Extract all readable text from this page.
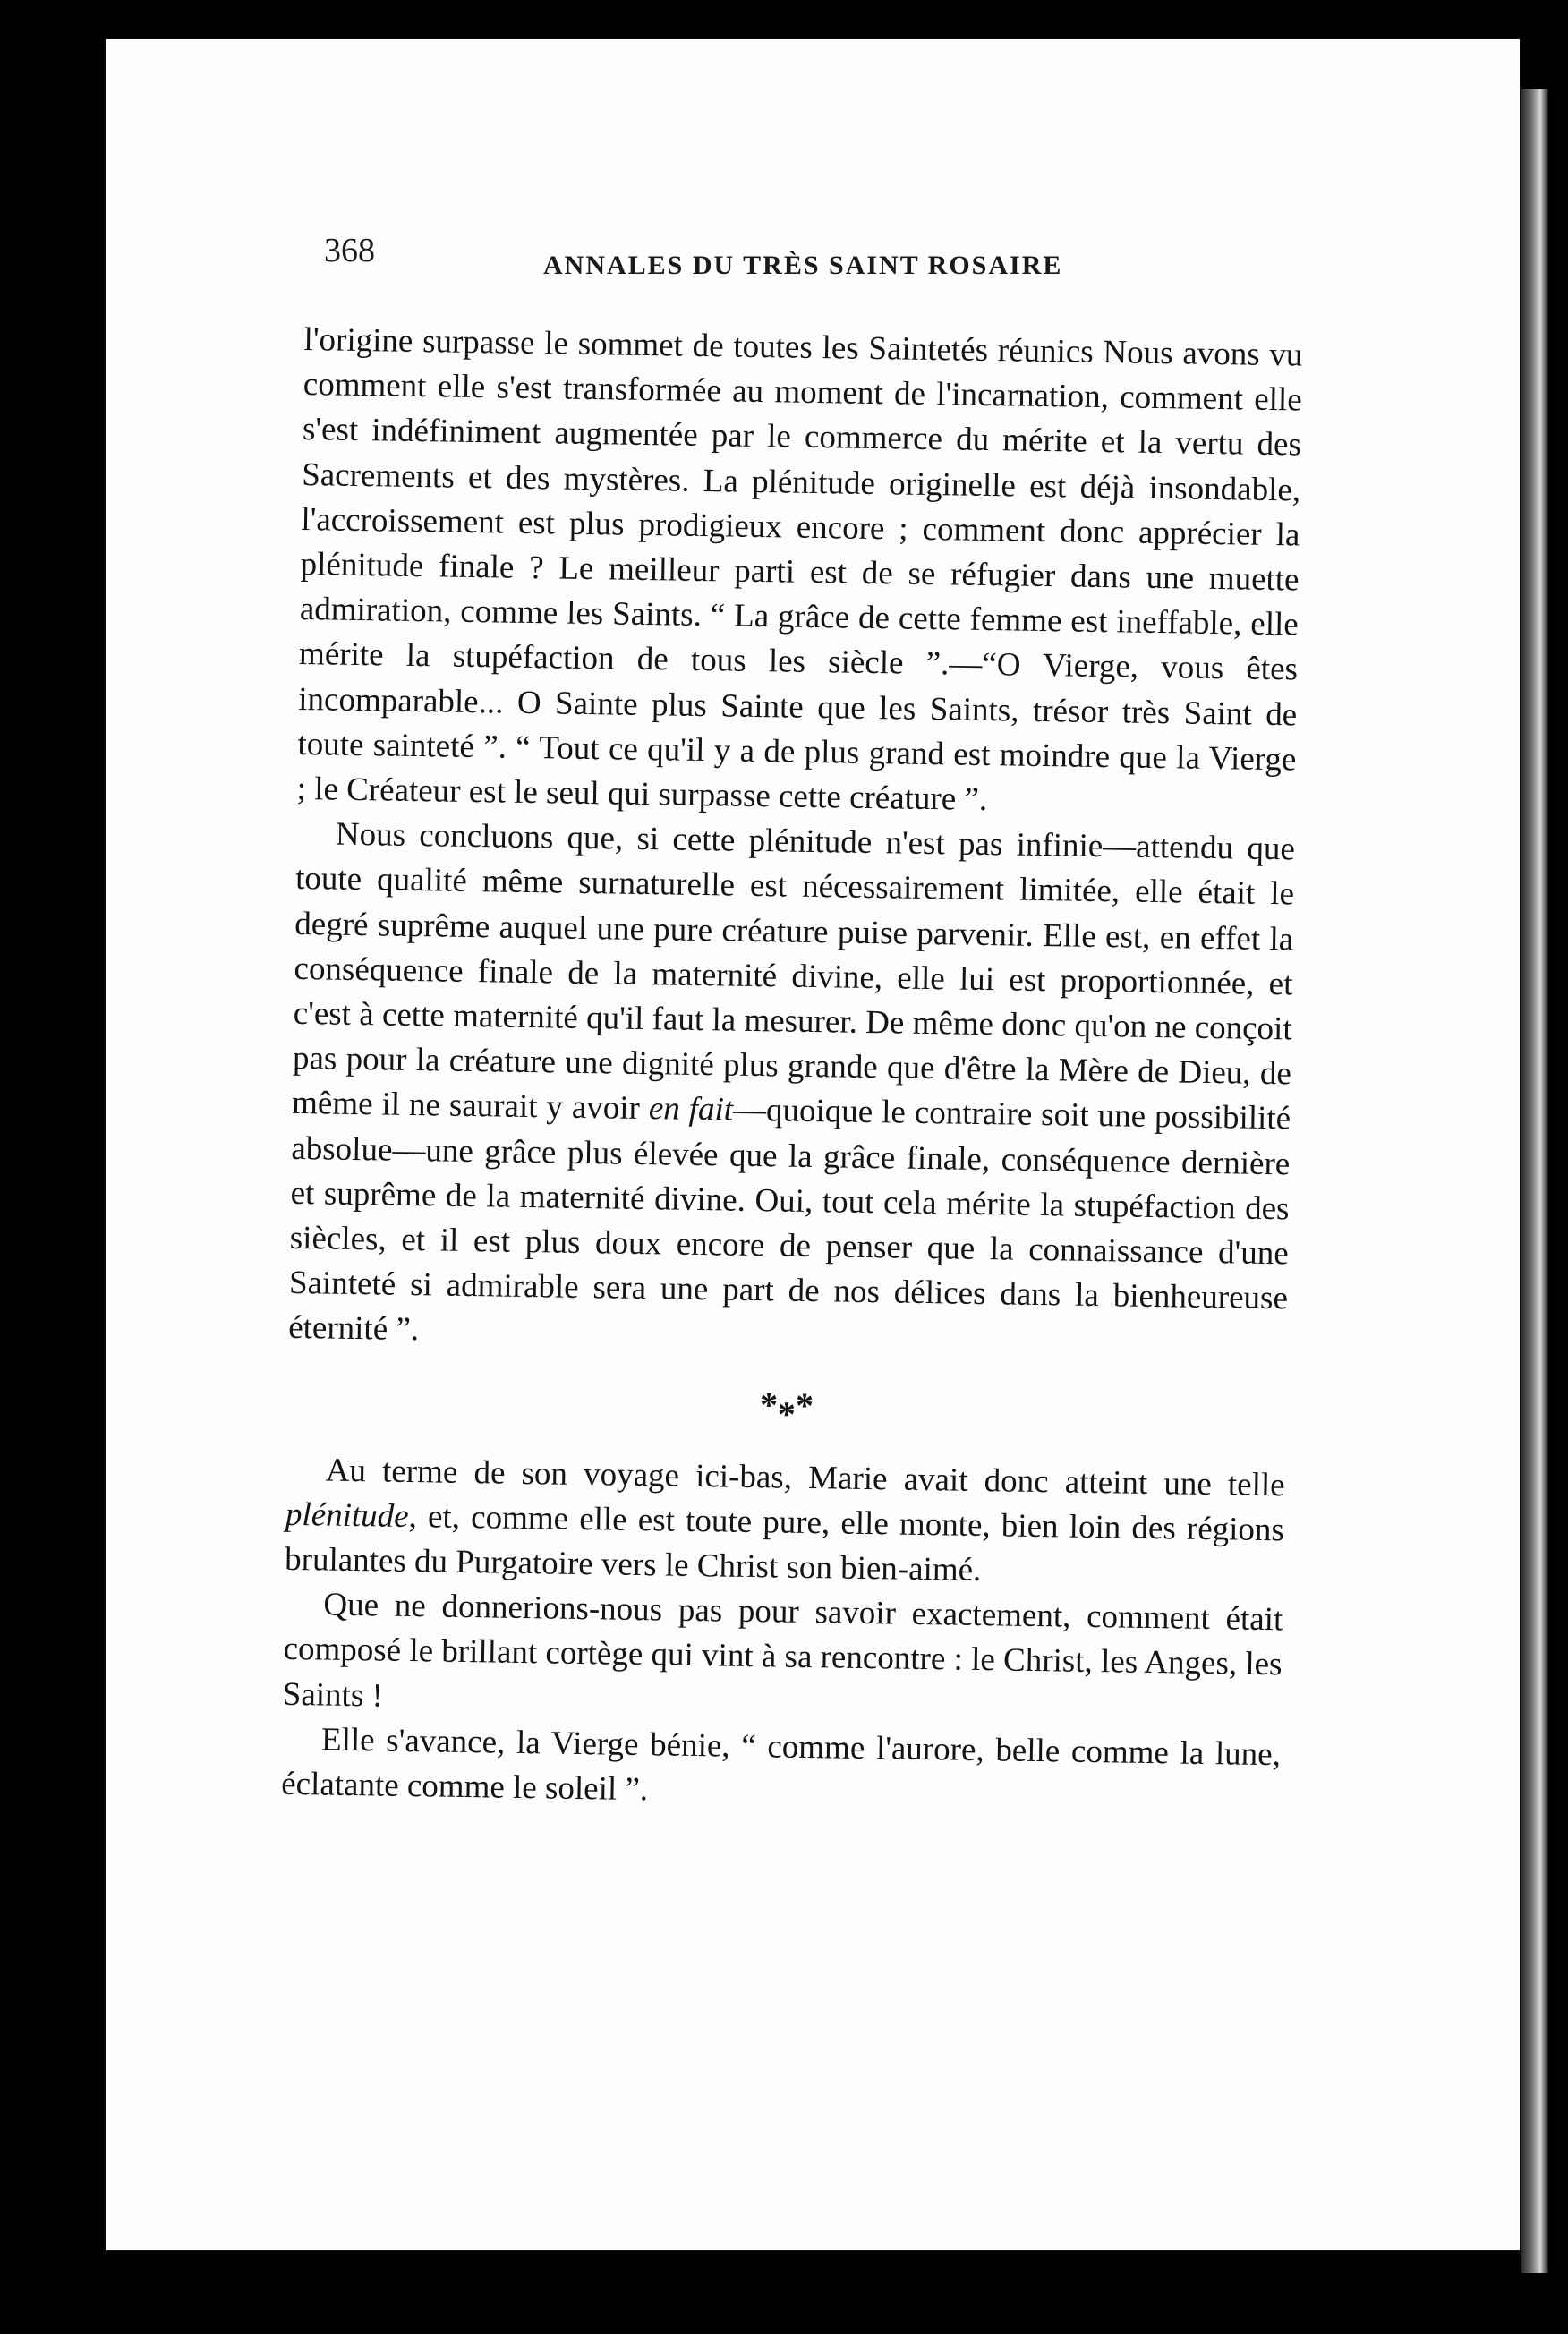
368	ANNALES DU TRÈS SAINT ROSAIRE

l'origine surpasse le sommet de toutes les Saintetés réunics Nous avons vu comment elle s'est transformée au moment de l'incarnation, comment elle s'est indéfiniment augmentée par le commerce du mérite et la vertu des Sacrements et des mystères. La plénitude originelle est déjà insondable, l'accroissement est plus prodigieux encore ; comment donc apprécier la plénitude finale ? Le meilleur parti est de se réfugier dans une muette admiration, comme les Saints. “ La grâce de cette femme est ineffable, elle mérite la stupéfaction de tous les siècle ”.—“O Vierge, vous êtes incomparable... O Sainte plus Sainte que les Saints, trésor très Saint de toute sainteté ”. “ Tout ce qu'il y a de plus grand est moindre que la Vierge ; le Créateur est le seul qui surpasse cette créature ”.

Nous concluons que, si cette plénitude n'est pas infinie—attendu que toute qualité même surnaturelle est nécessairement limitée, elle était le degré suprême auquel une pure créature puise parvenir. Elle est, en effet la conséquence finale de la maternité divine, elle lui est proportionnée, et c'est à cette maternité qu'il faut la mesurer. De même donc qu'on ne conçoit pas pour la créature une dignité plus grande que d'être la Mère de Dieu, de même il ne saurait y avoir en fait—quoique le contraire soit une possibilité absolue—une grâce plus élevée que la grâce finale, conséquence dernière et suprême de la maternité divine. Oui, tout cela mérite la stupéfaction des siècles, et il est plus doux encore de penser que la connaissance d'une Sainteté si admirable sera une part de nos délices dans la bienheureuse éternité ”.

***

Au terme de son voyage ici-bas, Marie avait donc atteint une telle plénitude, et, comme elle est toute pure, elle monte, bien loin des régions brulantes du Purgatoire vers le Christ son bien-aimé.

Que ne donnerions-nous pas pour savoir exactement, comment était composé le brillant cortège qui vint à sa rencontre : le Christ, les Anges, les Saints !

Elle s'avance, la Vierge bénie, “ comme l'aurore, belle comme la lune, éclatante comme le soleil ”.
